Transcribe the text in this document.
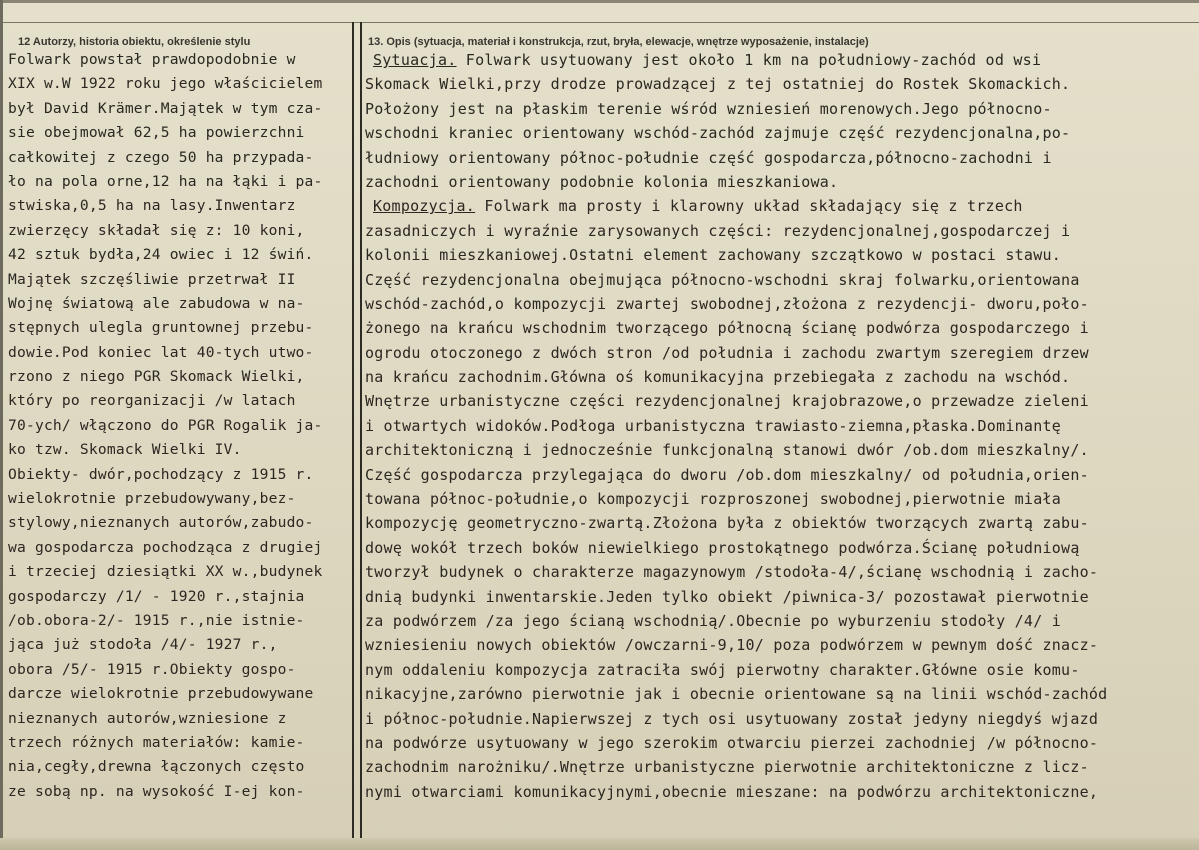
12 Autorzy, historia obiektu, określenie stylu	13. Opis (sytuacja, materiał i konstrukcja, rzut, bryła, elewacje, wnętrze wyposażenie, instalacje)
Folwark powstał prawdopodobnie w
XIX w.W 1922 roku jego właścicielem
był David Krämer.Majątek w tym cza-
sie obejmował 62,5 ha powierzchni
całkowitej z czego 50 ha przypada-
ło na pola orne,12 ha na łąki i pa-
stwiska,0,5 ha na lasy.Inwentarz
zwierzęcy składał się z: 10 koni,
42 sztuk bydła,24 owiec i 12 świń.
Majątek szczęśliwie przetrwał II
Wojnę światową ale zabudowa w na-
stępnych ulegla gruntownej przebu-
dowie.Pod koniec lat 40-tych utwo-
rzono z niego PGR Skomack Wielki,
który po reorganizacji /w latach
70-ych/ włączono do PGR Rogalik ja-
ko tzw. Skomack Wielki IV.
Obiekty- dwór,pochodzący z 1915 r.
wielokrotnie przebudowywany,bez-
stylowy,nieznanych autorów,zabudo-
wa gospodarcza pochodząca z drugiej
i trzeciej dziesiątki XX w.,budynek
gospodarczy /1/ - 1920 r.,stajnia
/ob.obora-2/- 1915 r.,nie istnie-
jąca już stodoła /4/- 1927 r.,
obora /5/- 1915 r.Obiekty gospo-
darcze wielokrotnie przebudowywane
nieznanych autorów,wzniesione z
trzech różnych materiałów: kamie-
nia,cegły,drewna łączonych często
ze sobą np. na wysokość I-ej kon-
Sytuacja. Folwark usytuowany jest około 1 km na południowy-zachód od wsi
Skomack Wielki,przy drodze prowadzącej z tej ostatniej do Rostek Skomackich.
Położony jest na płaskim terenie wśród wzniesień morenowych.Jego północno-
wschodni kraniec orientowany wschód-zachód zajmuje część rezydencjonalna,po-
łudniowy orientowany północ-południe część gospodarcza,północno-zachodni i
zachodni orientowany podobnie kolonia mieszkaniowa.
Kompozycja. Folwark ma prosty i klarowny układ składający się z trzech
zasadniczych i wyraźnie zarysowanych części: rezydencjonalnej,gospodarczej i
kolonii mieszkaniowej.Ostatni element zachowany szczątkowo w postaci stawu.
Część rezydencjonalna obejmująca północno-wschodni skraj folwarku,orientowana
wschód-zachód,o kompozycji zwartej swobodnej,złożona z rezydencji- dworu,poło-
żonego na krańcu wschodnim tworzącego północną ścianę podwórza gospodarczego i
ogrodu otoczonego z dwóch stron /od południa i zachodu zwartym szeregiem drzew
na krańcu zachodnim.Główna oś komunikacyjna przebiegała z zachodu na wschód.
Wnętrze urbanistyczne części rezydencjonalnej krajobrazowe,o przewadze zieleni
i otwartych widoków.Podłoga urbanistyczna trawiasto-ziemna,płaska.Dominantę
architektoniczną i jednocześnie funkcjonalną stanowi dwór /ob.dom mieszkalny/.
Część gospodarcza przylegająca do dworu /ob.dom mieszkalny/ od południa,orien-
towana północ-południe,o kompozycji rozproszonej swobodnej,pierwotnie miała
kompozycję geometryczno-zwartą.Złożona była z obiektów tworzących zwartą zabu-
dowę wokół trzech boków niewielkiego prostokątnego podwórza.Ścianę południową
tworzył budynek o charakterze magazynowym /stodoła-4/,ścianę wschodnią i zacho-
dnią budynki inwentarskie.Jeden tylko obiekt /piwnica-3/ pozostawał pierwotnie
za podwórzem /za jego ścianą wschodnią/.Obecnie po wyburzeniu stodoły /4/ i
wzniesieniu nowych obiektów /owczarni-9,10/ poza podwórzem w pewnym dość znacz-
nym oddaleniu kompozycja zatraciła swój pierwotny charakter.Główne osie komu-
nikacyjne,zarówno pierwotnie jak i obecnie orientowane są na linii wschód-zachód
i północ-południe.Napierwszej z tych osi usytuowany został jedyny niegdyś wjazd
na podwórze usytuowany w jego szerokim otwarciu pierzei zachodniej /w północno-
zachodnim narożniku/.Wnętrze urbanistyczne pierwotnie architektoniczne z licz-
nymi otwarciami komunikacyjnymi,obecnie mieszane: na podwórzu architektoniczne,
